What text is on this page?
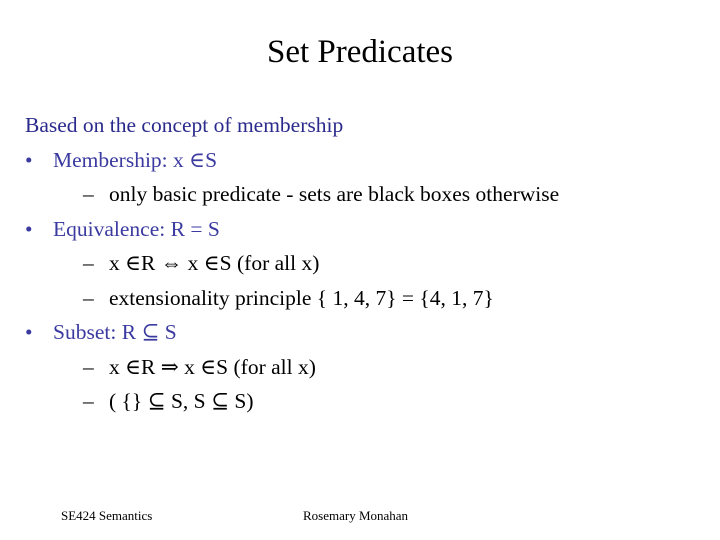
Set Predicates
Based on the concept of membership
• Membership: x ∈S
– only basic predicate - sets are black boxes otherwise
• Equivalence: R = S
– x ∈R ⇔ x ∈S (for all x)
– extensionality principle { 1, 4, 7} = {4, 1, 7}
• Subset: R ⊆ S
– x ∈R ⇒ x ∈S (for all x)
– ( {} ⊆ S, S ⊆ S)
SE424 Semantics	Rosemary Monahan
